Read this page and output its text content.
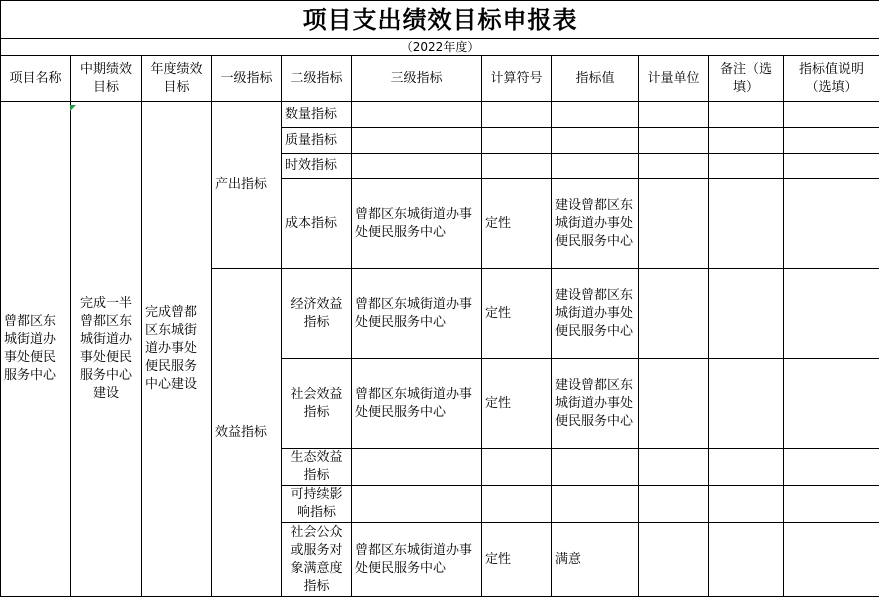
项目支出绩效目标申报表										
（2022年度）										
项目名称	中期绩效目标	年度绩效目标	一级指标	二级指标	三级指标	计算符号	指标值	计量单位	备注（选填）	指标值说明（选填）
曾都区东城街道办事处便民服务中心	完成一半曾都区东城街道办事处便民服务中心建设	完成曾都区东城街道办事处便民服务中心建设	产出指标	数量指标						
				质量指标						
				时效指标						
				成本指标	曾都区东城街道办事处便民服务中心	定性	建设曾都区东城街道办事处便民服务中心			
			效益指标	经济效益指标	曾都区东城街道办事处便民服务中心	定性	建设曾都区东城街道办事处便民服务中心			
				社会效益指标	曾都区东城街道办事处便民服务中心	定性	建设曾都区东城街道办事处便民服务中心			
				生态效益指标						
				可持续影响指标						
				社会公众或服务对象满意度指标	曾都区东城街道办事处便民服务中心	定性	满意			
